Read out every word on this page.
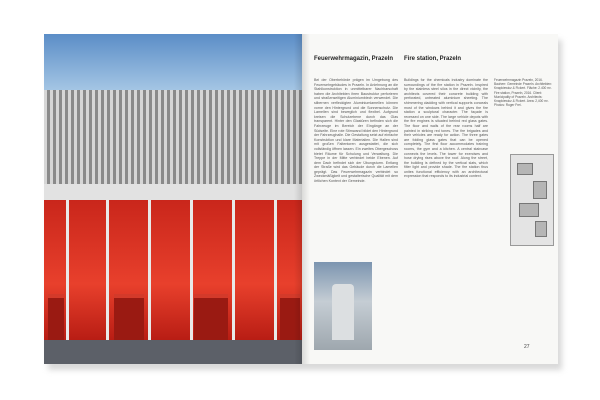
Feuerwehrmagazin, Prazeln Fire station, Prazeln
Bei der Oberbehörde prägen im Umgebung des Feuerwehrgebäudes in Prazeln. In Anlehnung an die Stahlkonstruktion in unmittelbarer Nachbarschaft haben die Architekten ihren Baustruktur perforieren und straßenseitigen Aluminiumblech verwendet. Die silbernen verfleckigten Aluminiumlamellen können vorne den Hintergrund und die Sonnenschutz. Die Lamellen sind beweglich und flexibel. Aufgrund kreisen die Schutzebene durch das Glas transparent. Hinter den Glastüren befinden sich die Fahrzeuge im Bereich der Eingänge an der Südseite. Eine rote Stirnwand bildet den Hintergrund der Fahrzeughalle. Die Gestaltung setzt auf einfache Konstruktion und klare Materialien. Die Hallen sind mit großen Faltentoren ausgestattet, die sich vollständig öffnen lassen. Ein zweites Obergeschoss bietet Räume für Schulung und Verwaltung. Die Treppe in der Mitte verbindet beide Ebenen. Auf dem Dach befindet sich der Übungsturm. Entlang der Straße wird das Gebäude durch die Lamellen geprägt. Das Feuerwehrmagazin verbindet so Zweckmäßigkeit und gestalterische Qualität mit dem örtlichen Kontext der Gemeinde.
Buildings for the chemicals industry dominate the surroundings of the fire station in Prazeln. Inspired by the stainless steel silos in the direct vicinity, the architects covered their concrete building with perforated, untreated aluminium sheeting. The shimmering cladding with vertical supports conceals most of the windows behind it and gives the fire station a sculptural character. The façade is recessed on one side. The large vehicle depots with the fire engines is situated behind red glass gates. The floor and walls of the rear rooms half are painted in striking red tones. The fire brigades and their vehicles are ready for action. The three gates are folding glass gates that can be opened completely. The first floor accommodates training rooms, the gym and a kitchen. A central staircase connects the levels. The tower for exercises and hose drying rises above the roof. Along the street, the building is defined by the vertical slats, which filter light and provide shade. The fire station thus unites functional efficiency with an architectural expression that responds to its industrial context.
Feuerwehrmagazin Prazeln, 2016. Bauherr: Gemeinde Prazeln. Architekten: Knapkiewicz & Fickert. Fläche: 2.400 m². Fire station, Prazeln, 2016. Client: Municipality of Prazeln. Architects: Knapkiewicz & Fickert. Area: 2,400 m². Photos: Roger Frei.
27
